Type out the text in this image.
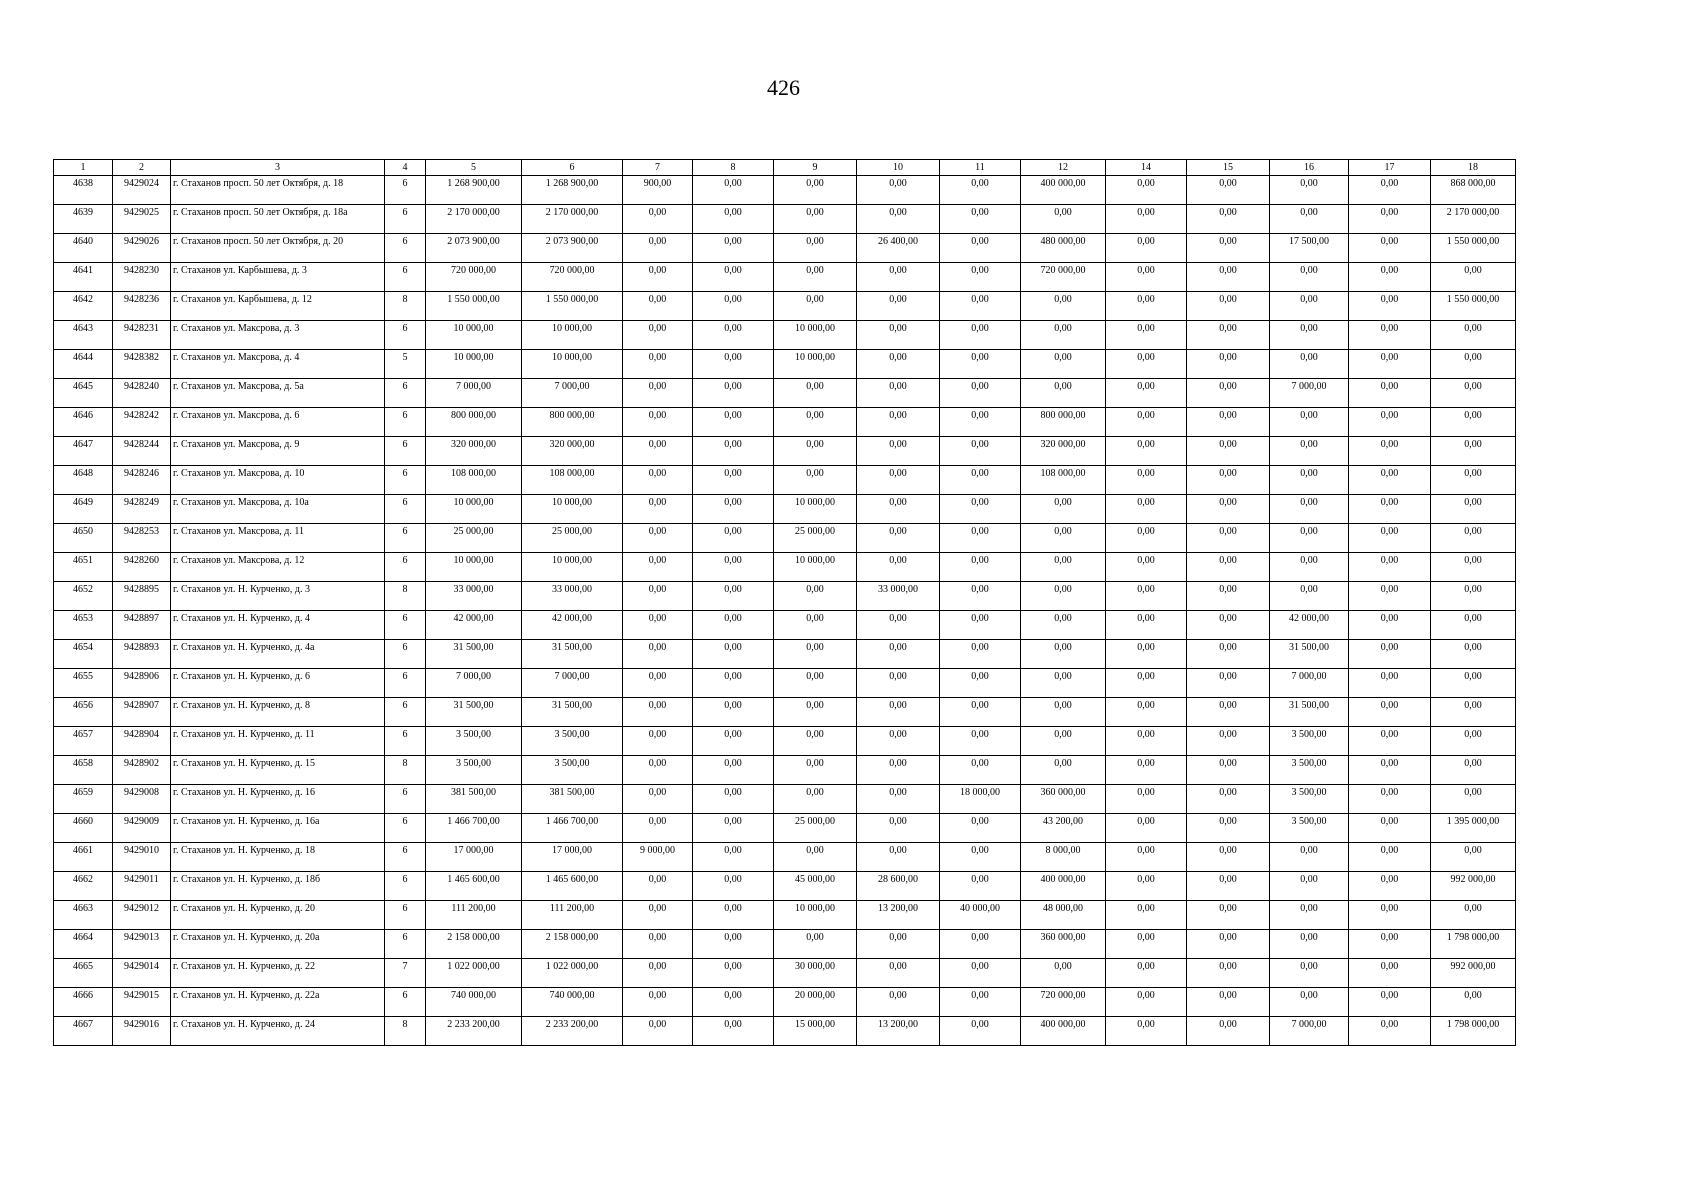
426
1	2	3	4	5	6	7	8	9	10	11	12	14	15	16	17	18
4638	9429024	г. Стаханов просп. 50 лет Октября, д. 18	6	1 268 900,00	1 268 900,00	900,00	0,00	0,00	0,00	0,00	400 000,00	0,00	0,00	0,00	0,00	868 000,00
4639	9429025	г. Стаханов просп. 50 лет Октября, д. 18а	6	2 170 000,00	2 170 000,00	0,00	0,00	0,00	0,00	0,00	0,00	0,00	0,00	0,00	0,00	2 170 000,00
4640	9429026	г. Стаханов просп. 50 лет Октября, д. 20	6	2 073 900,00	2 073 900,00	0,00	0,00	0,00	26 400,00	0,00	480 000,00	0,00	0,00	17 500,00	0,00	1 550 000,00
4641	9428230	г. Стаханов ул. Карбышева, д. 3	6	720 000,00	720 000,00	0,00	0,00	0,00	0,00	0,00	720 000,00	0,00	0,00	0,00	0,00	0,00
4642	9428236	г. Стаханов ул. Карбышева, д. 12	8	1 550 000,00	1 550 000,00	0,00	0,00	0,00	0,00	0,00	0,00	0,00	0,00	0,00	0,00	1 550 000,00
4643	9428231	г. Стаханов ул. Максрова, д. 3	6	10 000,00	10 000,00	0,00	0,00	10 000,00	0,00	0,00	0,00	0,00	0,00	0,00	0,00	0,00
4644	9428382	г. Стаханов ул. Максрова, д. 4	5	10 000,00	10 000,00	0,00	0,00	10 000,00	0,00	0,00	0,00	0,00	0,00	0,00	0,00	0,00
4645	9428240	г. Стаханов ул. Максрова, д. 5а	6	7 000,00	7 000,00	0,00	0,00	0,00	0,00	0,00	0,00	0,00	0,00	7 000,00	0,00	0,00
4646	9428242	г. Стаханов ул. Максрова, д. 6	6	800 000,00	800 000,00	0,00	0,00	0,00	0,00	0,00	800 000,00	0,00	0,00	0,00	0,00	0,00
4647	9428244	г. Стаханов ул. Максрова, д. 9	6	320 000,00	320 000,00	0,00	0,00	0,00	0,00	0,00	320 000,00	0,00	0,00	0,00	0,00	0,00
4648	9428246	г. Стаханов ул. Максрова, д. 10	6	108 000,00	108 000,00	0,00	0,00	0,00	0,00	0,00	108 000,00	0,00	0,00	0,00	0,00	0,00
4649	9428249	г. Стаханов ул. Максрова, д. 10а	6	10 000,00	10 000,00	0,00	0,00	10 000,00	0,00	0,00	0,00	0,00	0,00	0,00	0,00	0,00
4650	9428253	г. Стаханов ул. Максрова, д. 11	6	25 000,00	25 000,00	0,00	0,00	25 000,00	0,00	0,00	0,00	0,00	0,00	0,00	0,00	0,00
4651	9428260	г. Стаханов ул. Максрова, д. 12	6	10 000,00	10 000,00	0,00	0,00	10 000,00	0,00	0,00	0,00	0,00	0,00	0,00	0,00	0,00
4652	9428895	г. Стаханов ул. Н. Курченко, д. 3	8	33 000,00	33 000,00	0,00	0,00	0,00	33 000,00	0,00	0,00	0,00	0,00	0,00	0,00	0,00
4653	9428897	г. Стаханов ул. Н. Курченко, д. 4	6	42 000,00	42 000,00	0,00	0,00	0,00	0,00	0,00	0,00	0,00	0,00	42 000,00	0,00	0,00
4654	9428893	г. Стаханов ул. Н. Курченко, д. 4а	6	31 500,00	31 500,00	0,00	0,00	0,00	0,00	0,00	0,00	0,00	0,00	31 500,00	0,00	0,00
4655	9428906	г. Стаханов ул. Н. Курченко, д. 6	6	7 000,00	7 000,00	0,00	0,00	0,00	0,00	0,00	0,00	0,00	0,00	7 000,00	0,00	0,00
4656	9428907	г. Стаханов ул. Н. Курченко, д. 8	6	31 500,00	31 500,00	0,00	0,00	0,00	0,00	0,00	0,00	0,00	0,00	31 500,00	0,00	0,00
4657	9428904	г. Стаханов ул. Н. Курченко, д. 11	6	3 500,00	3 500,00	0,00	0,00	0,00	0,00	0,00	0,00	0,00	0,00	3 500,00	0,00	0,00
4658	9428902	г. Стаханов ул. Н. Курченко, д. 15	8	3 500,00	3 500,00	0,00	0,00	0,00	0,00	0,00	0,00	0,00	0,00	3 500,00	0,00	0,00
4659	9429008	г. Стаханов ул. Н. Курченко, д. 16	6	381 500,00	381 500,00	0,00	0,00	0,00	0,00	18 000,00	360 000,00	0,00	0,00	3 500,00	0,00	0,00
4660	9429009	г. Стаханов ул. Н. Курченко, д. 16а	6	1 466 700,00	1 466 700,00	0,00	0,00	25 000,00	0,00	0,00	43 200,00	0,00	0,00	3 500,00	0,00	1 395 000,00
4661	9429010	г. Стаханов ул. Н. Курченко, д. 18	6	17 000,00	17 000,00	9 000,00	0,00	0,00	0,00	0,00	8 000,00	0,00	0,00	0,00	0,00	0,00
4662	9429011	г. Стаханов ул. Н. Курченко, д. 18б	6	1 465 600,00	1 465 600,00	0,00	0,00	45 000,00	28 600,00	0,00	400 000,00	0,00	0,00	0,00	0,00	992 000,00
4663	9429012	г. Стаханов ул. Н. Курченко, д. 20	6	111 200,00	111 200,00	0,00	0,00	10 000,00	13 200,00	40 000,00	48 000,00	0,00	0,00	0,00	0,00	0,00
4664	9429013	г. Стаханов ул. Н. Курченко, д. 20а	6	2 158 000,00	2 158 000,00	0,00	0,00	0,00	0,00	0,00	360 000,00	0,00	0,00	0,00	0,00	1 798 000,00
4665	9429014	г. Стаханов ул. Н. Курченко, д. 22	7	1 022 000,00	1 022 000,00	0,00	0,00	30 000,00	0,00	0,00	0,00	0,00	0,00	0,00	0,00	992 000,00
4666	9429015	г. Стаханов ул. Н. Курченко, д. 22а	6	740 000,00	740 000,00	0,00	0,00	20 000,00	0,00	0,00	720 000,00	0,00	0,00	0,00	0,00	0,00
4667	9429016	г. Стаханов ул. Н. Курченко, д. 24	8	2 233 200,00	2 233 200,00	0,00	0,00	15 000,00	13 200,00	0,00	400 000,00	0,00	0,00	7 000,00	0,00	1 798 000,00
